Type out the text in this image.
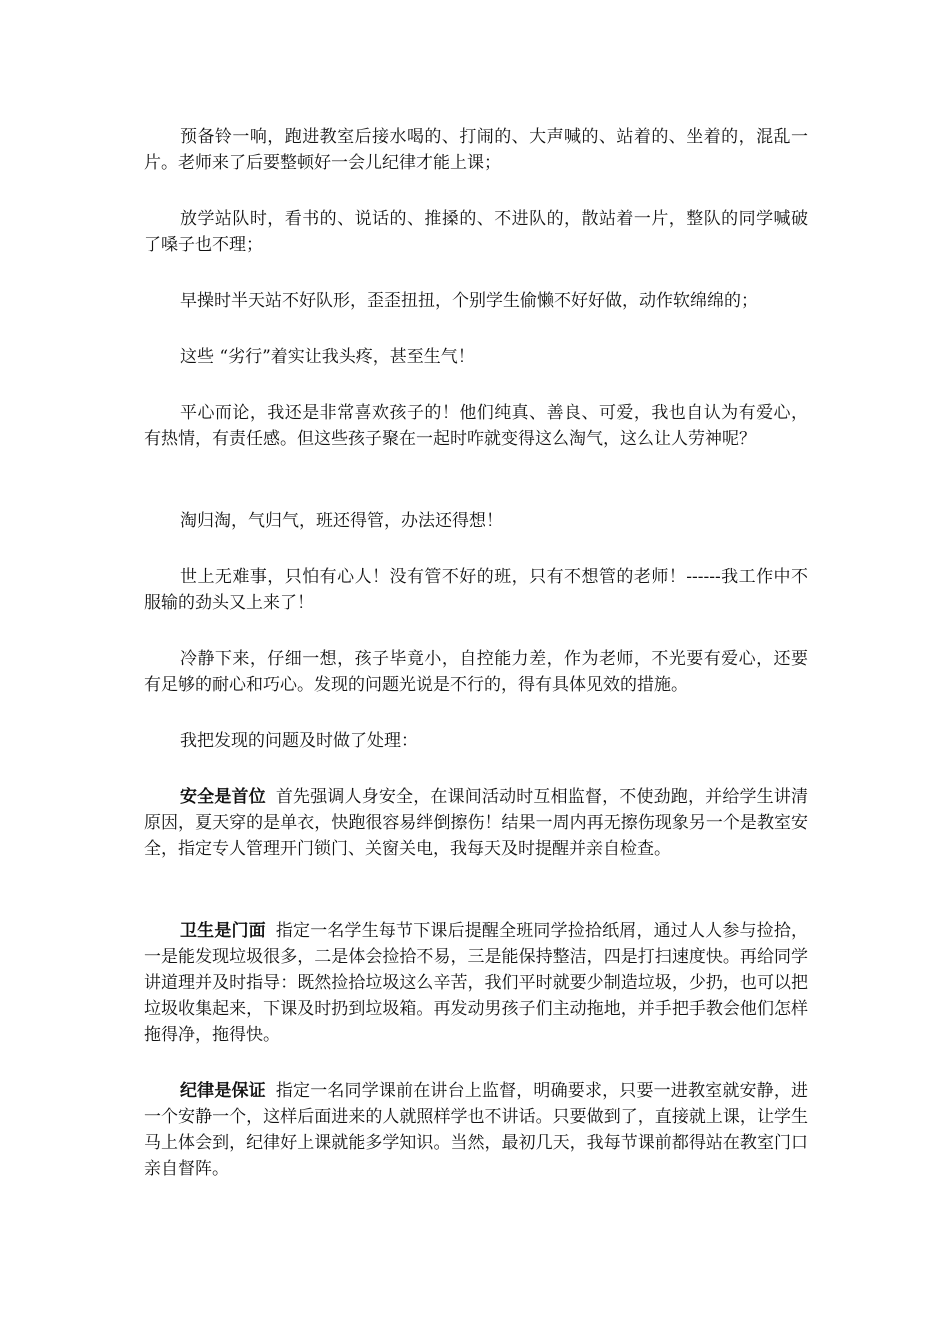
预备铃一响，跑进教室后接水喝的、打闹的、大声喊的、站着的、坐着的，混乱一片。老师来了后要整顿好一会儿纪律才能上课；

放学站队时，看书的、说话的、推搡的、不进队的，散站着一片，整队的同学喊破了嗓子也不理；

早操时半天站不好队形，歪歪扭扭，个别学生偷懒不好好做，动作软绵绵的；

这些 “劣行”着实让我头疼，甚至生气！

平心而论，我还是非常喜欢孩子的！他们纯真、善良、可爱，我也自认为有爱心，有热情，有责任感。但这些孩子聚在一起时咋就变得这么淘气，这么让人劳神呢？

淘归淘，气归气，班还得管，办法还得想！

世上无难事，只怕有心人！没有管不好的班，只有不想管的老师！------我工作中不服输的劲头又上来了！

冷静下来，仔细一想，孩子毕竟小，自控能力差，作为老师，不光要有爱心，还要有足够的耐心和巧心。发现的问题光说是不行的，得有具体见效的措施。

我把发现的问题及时做了处理：

安全是首位 首先强调人身安全，在课间活动时互相监督，不使劲跑，并给学生讲清原因，夏天穿的是单衣，快跑很容易绊倒擦伤！结果一周内再无擦伤现象另一个是教室安全，指定专人管理开门锁门、关窗关电，我每天及时提醒并亲自检查。

卫生是门面 指定一名学生每节下课后提醒全班同学捡拾纸屑，通过人人参与捡拾，一是能发现垃圾很多，二是体会捡拾不易，三是能保持整洁，四是打扫速度快。再给同学讲道理并及时指导：既然捡拾垃圾这么辛苦，我们平时就要少制造垃圾，少扔，也可以把垃圾收集起来，下课及时扔到垃圾箱。再发动男孩子们主动拖地，并手把手教会他们怎样拖得净，拖得快。

纪律是保证 指定一名同学课前在讲台上监督，明确要求，只要一进教室就安静，进一个安静一个，这样后面进来的人就照样学也不讲话。只要做到了，直接就上课，让学生马上体会到，纪律好上课就能多学知识。当然，最初几天，我每节课前都得站在教室门口亲自督阵。
